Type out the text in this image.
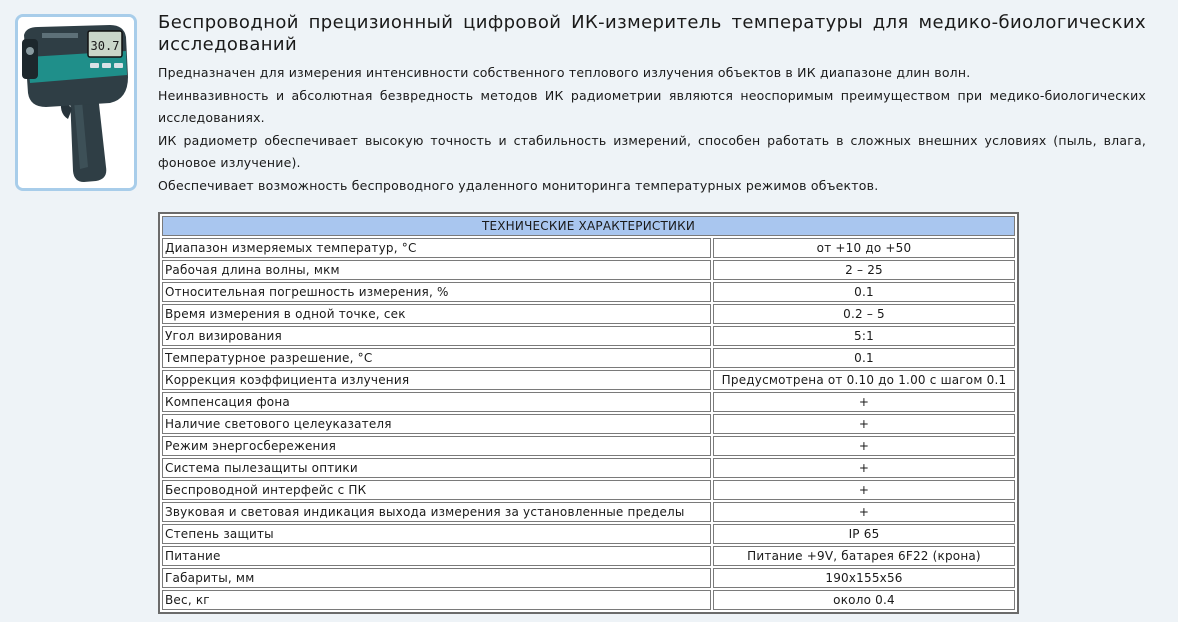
30.7
Беспроводной прецизионный цифровой ИК-измеритель температуры для медико-биологических исследований

Предназначен для измерения интенсивности собственного теплового излучения объектов в ИК диапазоне длин волн.

Неинвазивность и абсолютная безвредность методов ИК радиометрии являются неоспоримым преимуществом при медико-биологических исследованиях.

ИК радиометр обеспечивает высокую точность и стабильность измерений, способен работать в сложных внешних условиях (пыль, влага, фоновое излучение).

Обеспечивает возможность беспроводного удаленного мониторинга температурных режимов объектов.

ТЕХНИЧЕСКИЕ ХАРАКТЕРИСТИКИ	
Диапазон измеряемых температур, °С	от +10 до +50
Рабочая длина волны, мкм	2 – 25
Относительная погрешность измерения, %	0.1
Время измерения в одной точке, сек	0.2 – 5
Угол визирования	5:1
Температурное разрешение, °С	0.1
Коррекция коэффициента излучения	Предусмотрена от 0.10 до 1.00 с шагом 0.1
Компенсация фона	+
Наличие светового целеуказателя	+
Режим энергосбережения	+
Система пылезащиты оптики	+
Беспроводной интерфейс с ПК	+
Звуковая и световая индикация выхода измерения за установленные пределы	+
Степень защиты	IP 65
Питание	Питание +9V, батарея 6F22 (крона)
Габариты, мм	190х155х56
Вес, кг	около 0.4
